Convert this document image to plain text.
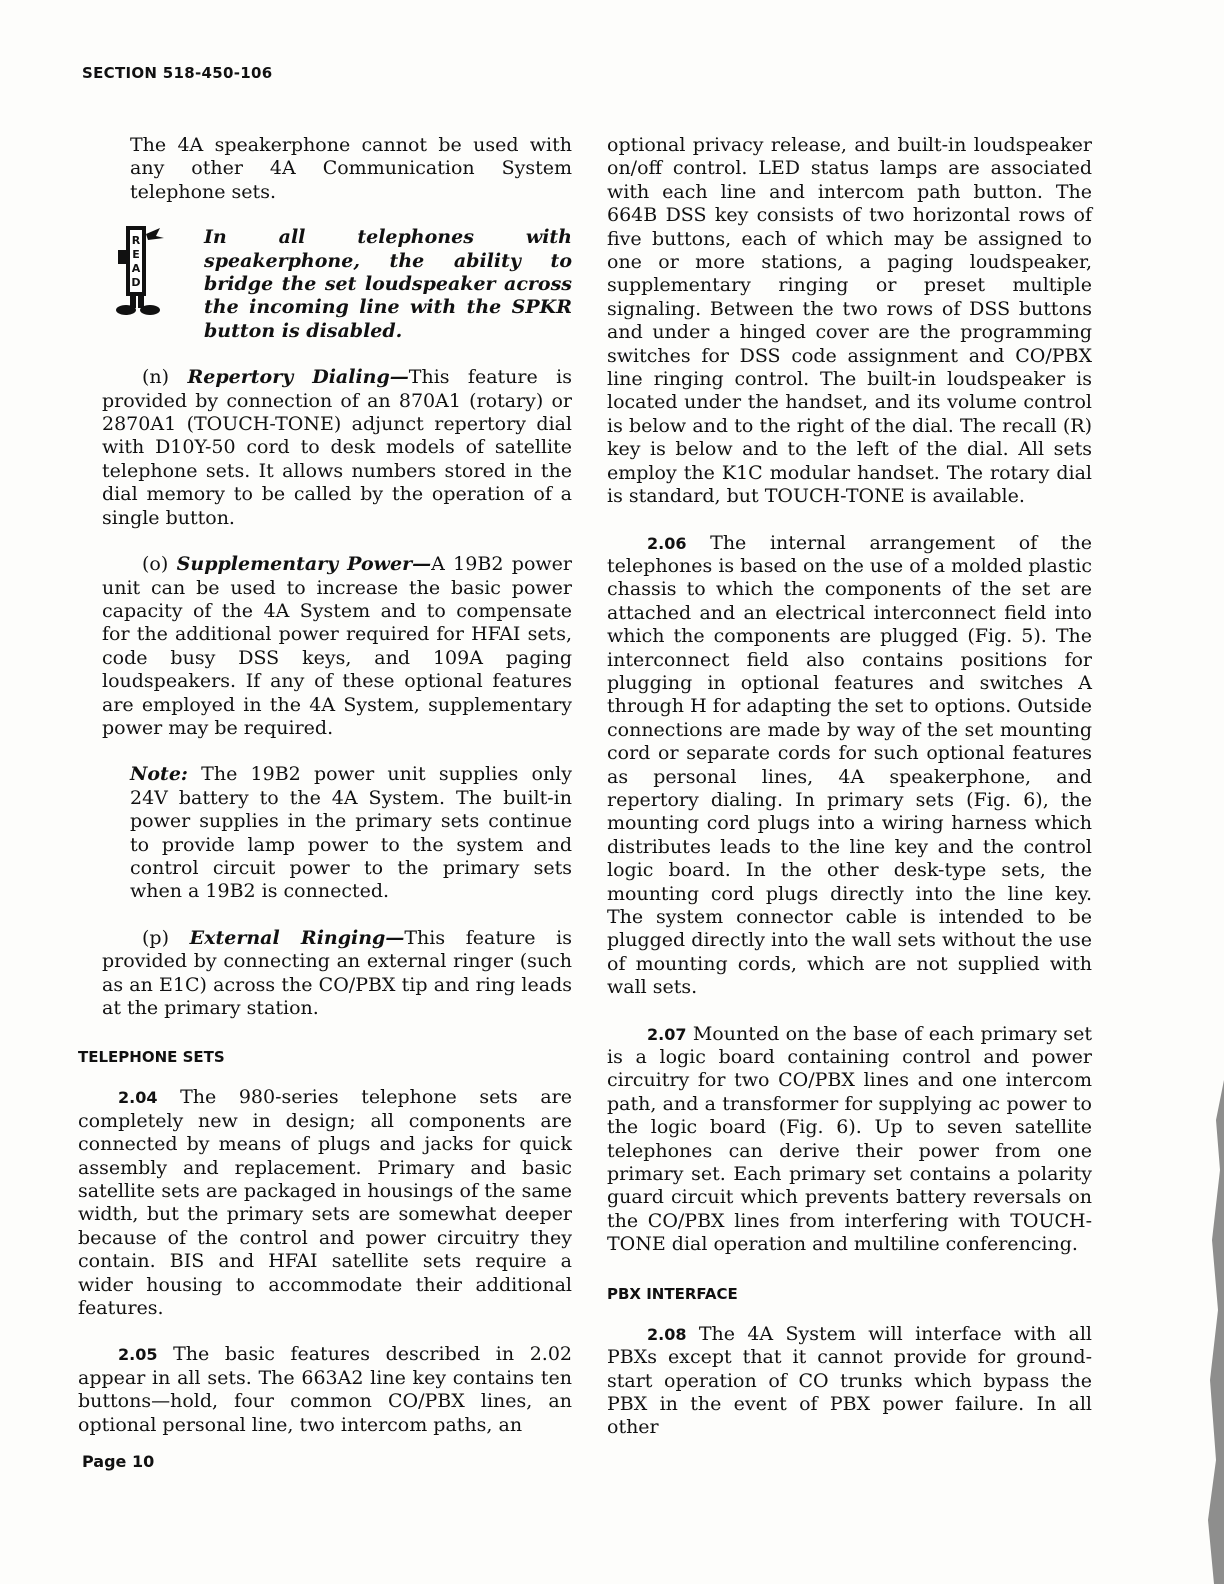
SECTION 518-450-106

The 4A speakerphone cannot be used with any other 4A Communication System telephone sets.

R
E
A
D

In all telephones with speakerphone, the ability to bridge the set loudspeaker across the incoming line with the SPKR button is disabled.

(n) Repertory Dialing—This feature is provided by connection of an 870A1 (rotary) or 2870A1 (TOUCH-TONE) adjunct repertory dial with D10Y-50 cord to desk models of satellite telephone sets. It allows numbers stored in the dial memory to be called by the operation of a single button.

(o) Supplementary Power—A 19B2 power unit can be used to increase the basic power capacity of the 4A System and to compensate for the additional power required for HFAI sets, code busy DSS keys, and 109A paging loudspeakers. If any of these optional features are employed in the 4A System, supplementary power may be required.

Note: The 19B2 power unit supplies only 24V battery to the 4A System. The built-in power supplies in the primary sets continue to provide lamp power to the system and control circuit power to the primary sets when a 19B2 is connected.

(p) External Ringing—This feature is provided by connecting an external ringer (such as an E1C) across the CO/PBX tip and ring leads at the primary station.

TELEPHONE SETS

2.04 The 980-series telephone sets are completely new in design; all components are connected by means of plugs and jacks for quick assembly and replacement. Primary and basic satellite sets are packaged in housings of the same width, but the primary sets are somewhat deeper because of the control and power circuitry they contain. BIS and HFAI satellite sets require a wider housing to accommodate their additional features.

2.05 The basic features described in 2.02 appear in all sets. The 663A2 line key contains ten buttons—hold, four common CO/PBX lines, an optional personal line, two intercom paths, an

optional privacy release, and built-in loudspeaker on/off control. LED status lamps are associated with each line and intercom path button. The 664B DSS key consists of two horizontal rows of five buttons, each of which may be assigned to one or more stations, a paging loudspeaker, supplementary ringing or preset multiple signaling. Between the two rows of DSS buttons and under a hinged cover are the programming switches for DSS code assignment and CO/PBX line ringing control. The built-in loudspeaker is located under the handset, and its volume control is below and to the right of the dial. The recall (R) key is below and to the left of the dial. All sets employ the K1C modular handset. The rotary dial is standard, but TOUCH-TONE is available.

2.06 The internal arrangement of the telephones is based on the use of a molded plastic chassis to which the components of the set are attached and an electrical interconnect field into which the components are plugged (Fig. 5). The interconnect field also contains positions for plugging in optional features and switches A through H for adapting the set to options. Outside connections are made by way of the set mounting cord or separate cords for such optional features as personal lines, 4A speakerphone, and repertory dialing. In primary sets (Fig. 6), the mounting cord plugs into a wiring harness which distributes leads to the line key and the control logic board. In the other desk-type sets, the mounting cord plugs directly into the line key. The system connector cable is intended to be plugged directly into the wall sets without the use of mounting cords, which are not supplied with wall sets.

2.07 Mounted on the base of each primary set is a logic board containing control and power circuitry for two CO/PBX lines and one intercom path, and a transformer for supplying ac power to the logic board (Fig. 6). Up to seven satellite telephones can derive their power from one primary set. Each primary set contains a polarity guard circuit which prevents battery reversals on the CO/PBX lines from interfering with TOUCH-TONE dial operation and multiline conferencing.

PBX INTERFACE

2.08 The 4A System will interface with all PBXs except that it cannot provide for ground-start operation of CO trunks which bypass the PBX in the event of PBX power failure. In all other

Page 10
